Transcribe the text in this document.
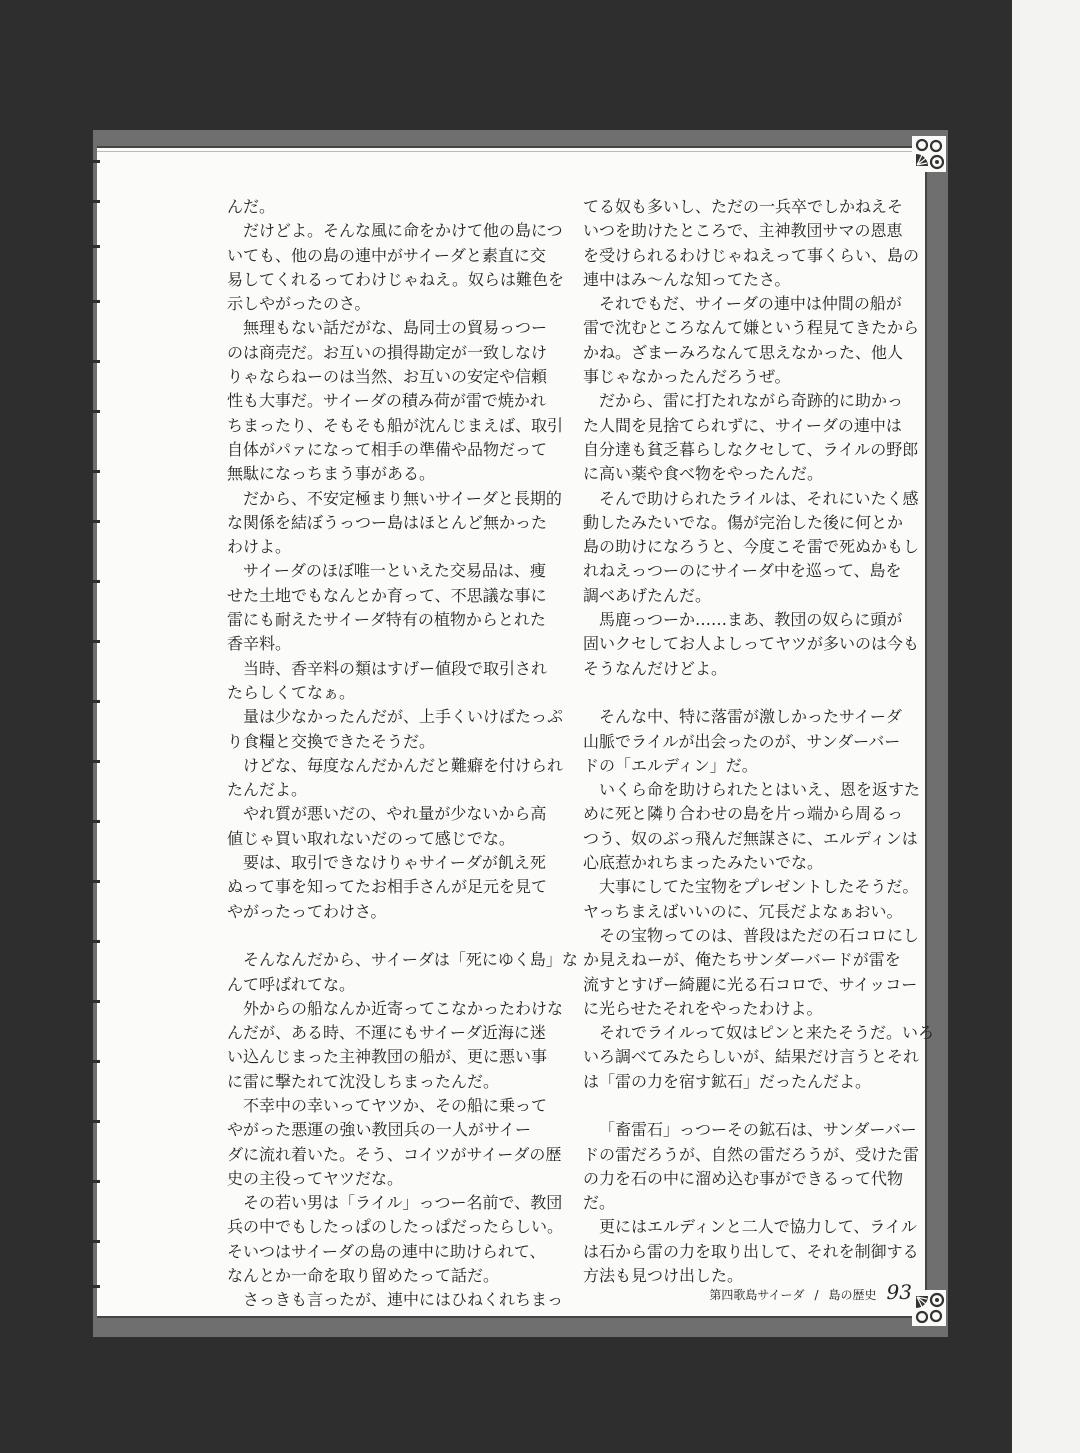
んだ。
だけどよ。そんな風に命をかけて他の島につ
いても、他の島の連中がサイーダと素直に交
易してくれるってわけじゃねえ。奴らは難色を
示しやがったのさ。
無理もない話だがな、島同士の貿易っつー
のは商売だ。お互いの損得勘定が一致しなけ
りゃならねーのは当然、お互いの安定や信頼
性も大事だ。サイーダの積み荷が雷で焼かれ
ちまったり、そもそも船が沈んじまえば、取引
自体がパァになって相手の準備や品物だって
無駄になっちまう事がある。
だから、不安定極まり無いサイーダと長期的
な関係を結ぼうっつー島はほとんど無かった
わけよ。
サイーダのほぼ唯一といえた交易品は、痩
せた土地でもなんとか育って、不思議な事に
雷にも耐えたサイーダ特有の植物からとれた
香辛料。
当時、香辛料の類はすげー値段で取引され
たらしくてなぁ。
量は少なかったんだが、上手くいけばたっぷ
り食糧と交換できたそうだ。
けどな、毎度なんだかんだと難癖を付けられ
たんだよ。
やれ質が悪いだの、やれ量が少ないから高
値じゃ買い取れないだのって感じでな。
要は、取引できなけりゃサイーダが飢え死
ぬって事を知ってたお相手さんが足元を見て
やがったってわけさ。
そんなんだから、サイーダは「死にゆく島」な
んて呼ばれてな。
外からの船なんか近寄ってこなかったわけな
んだが、ある時、不運にもサイーダ近海に迷
い込んじまった主神教団の船が、更に悪い事
に雷に撃たれて沈没しちまったんだ。
不幸中の幸いってヤツか、その船に乗って
やがった悪運の強い教団兵の一人がサイー
ダに流れ着いた。そう、コイツがサイーダの歴
史の主役ってヤツだな。
その若い男は「ライル」っつー名前で、教団
兵の中でもしたっぱのしたっぱだったらしい。
そいつはサイーダの島の連中に助けられて、
なんとか一命を取り留めたって話だ。
さっきも言ったが、連中にはひねくれちまっ
てる奴も多いし、ただの一兵卒でしかねえそ
いつを助けたところで、主神教団サマの恩恵
を受けられるわけじゃねえって事くらい、島の
連中はみ〜んな知ってたさ。
それでもだ、サイーダの連中は仲間の船が
雷で沈むところなんて嫌という程見てきたから
かね。ざまーみろなんて思えなかった、他人
事じゃなかったんだろうぜ。
だから、雷に打たれながら奇跡的に助かっ
た人間を見捨てられずに、サイーダの連中は
自分達も貧乏暮らしなクセして、ライルの野郎
に高い薬や食べ物をやったんだ。
そんで助けられたライルは、それにいたく感
動したみたいでな。傷が完治した後に何とか
島の助けになろうと、今度こそ雷で死ぬかもし
れねえっつーのにサイーダ中を巡って、島を
調べあげたんだ。
馬鹿っつーか……まあ、教団の奴らに頭が
固いクセしてお人よしってヤツが多いのは今も
そうなんだけどよ。
そんな中、特に落雷が激しかったサイーダ
山脈でライルが出会ったのが、サンダーバー
ドの「エルディン」だ。
いくら命を助けられたとはいえ、恩を返すた
めに死と隣り合わせの島を片っ端から周るっ
つう、奴のぶっ飛んだ無謀さに、エルディンは
心底惹かれちまったみたいでな。
大事にしてた宝物をプレゼントしたそうだ。
ヤっちまえばいいのに、冗長だよなぁおい。
その宝物ってのは、普段はただの石コロにし
か見えねーが、俺たちサンダーバードが雷を
流すとすげー綺麗に光る石コロで、サイッコー
に光らせたそれをやったわけよ。
それでライルって奴はピンと来たそうだ。いろ
いろ調べてみたらしいが、結果だけ言うとそれ
は「雷の力を宿す鉱石」だったんだよ。
「畜雷石」っつーその鉱石は、サンダーバー
ドの雷だろうが、自然の雷だろうが、受けた雷
の力を石の中に溜め込む事ができるって代物
だ。
更にはエルディンと二人で協力して、ライル
は石から雷の力を取り出して、それを制御する
方法も見つけ出した。
第四歌島サイーダ / 島の歴史 93
